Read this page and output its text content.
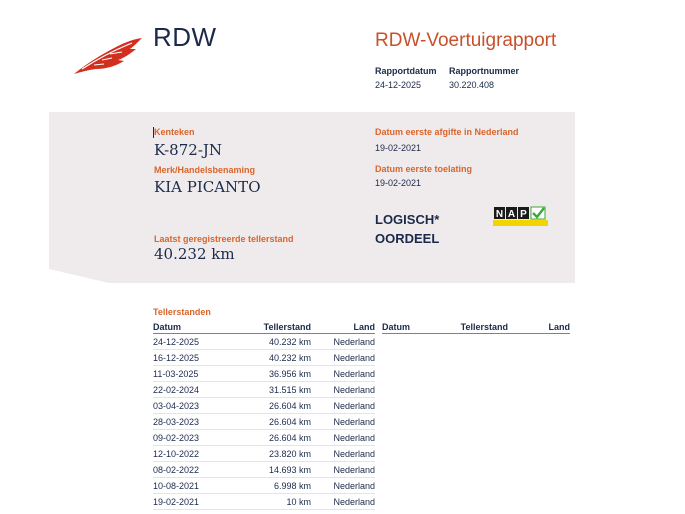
RDW	RDW-Voertuigrapport
Rapportdatum
24-12-2025
Rapportnummer
30.220.408
Kenteken
K-872-JN
Merk/Handelsbenaming
KIA PICANTO
Laatst geregistreerde tellerstand
40.232 km
Datum eerste afgifte in Nederland
19-02-2021
Datum eerste toelating
19-02-2021
LOGISCH*
OORDEEL
N A P
Tellerstanden
Datum	Tellerstand	Land
24-12-2025	40.232 km	Nederland
16-12-2025	40.232 km	Nederland
11-03-2025	36.956 km	Nederland
22-02-2024	31.515 km	Nederland
03-04-2023	26.604 km	Nederland
28-03-2023	26.604 km	Nederland
09-02-2023	26.604 km	Nederland
12-10-2022	23.820 km	Nederland
08-02-2022	14.693 km	Nederland
10-08-2021	6.998 km	Nederland
19-02-2021	10 km	Nederland
Datum	Tellerstand	Land
